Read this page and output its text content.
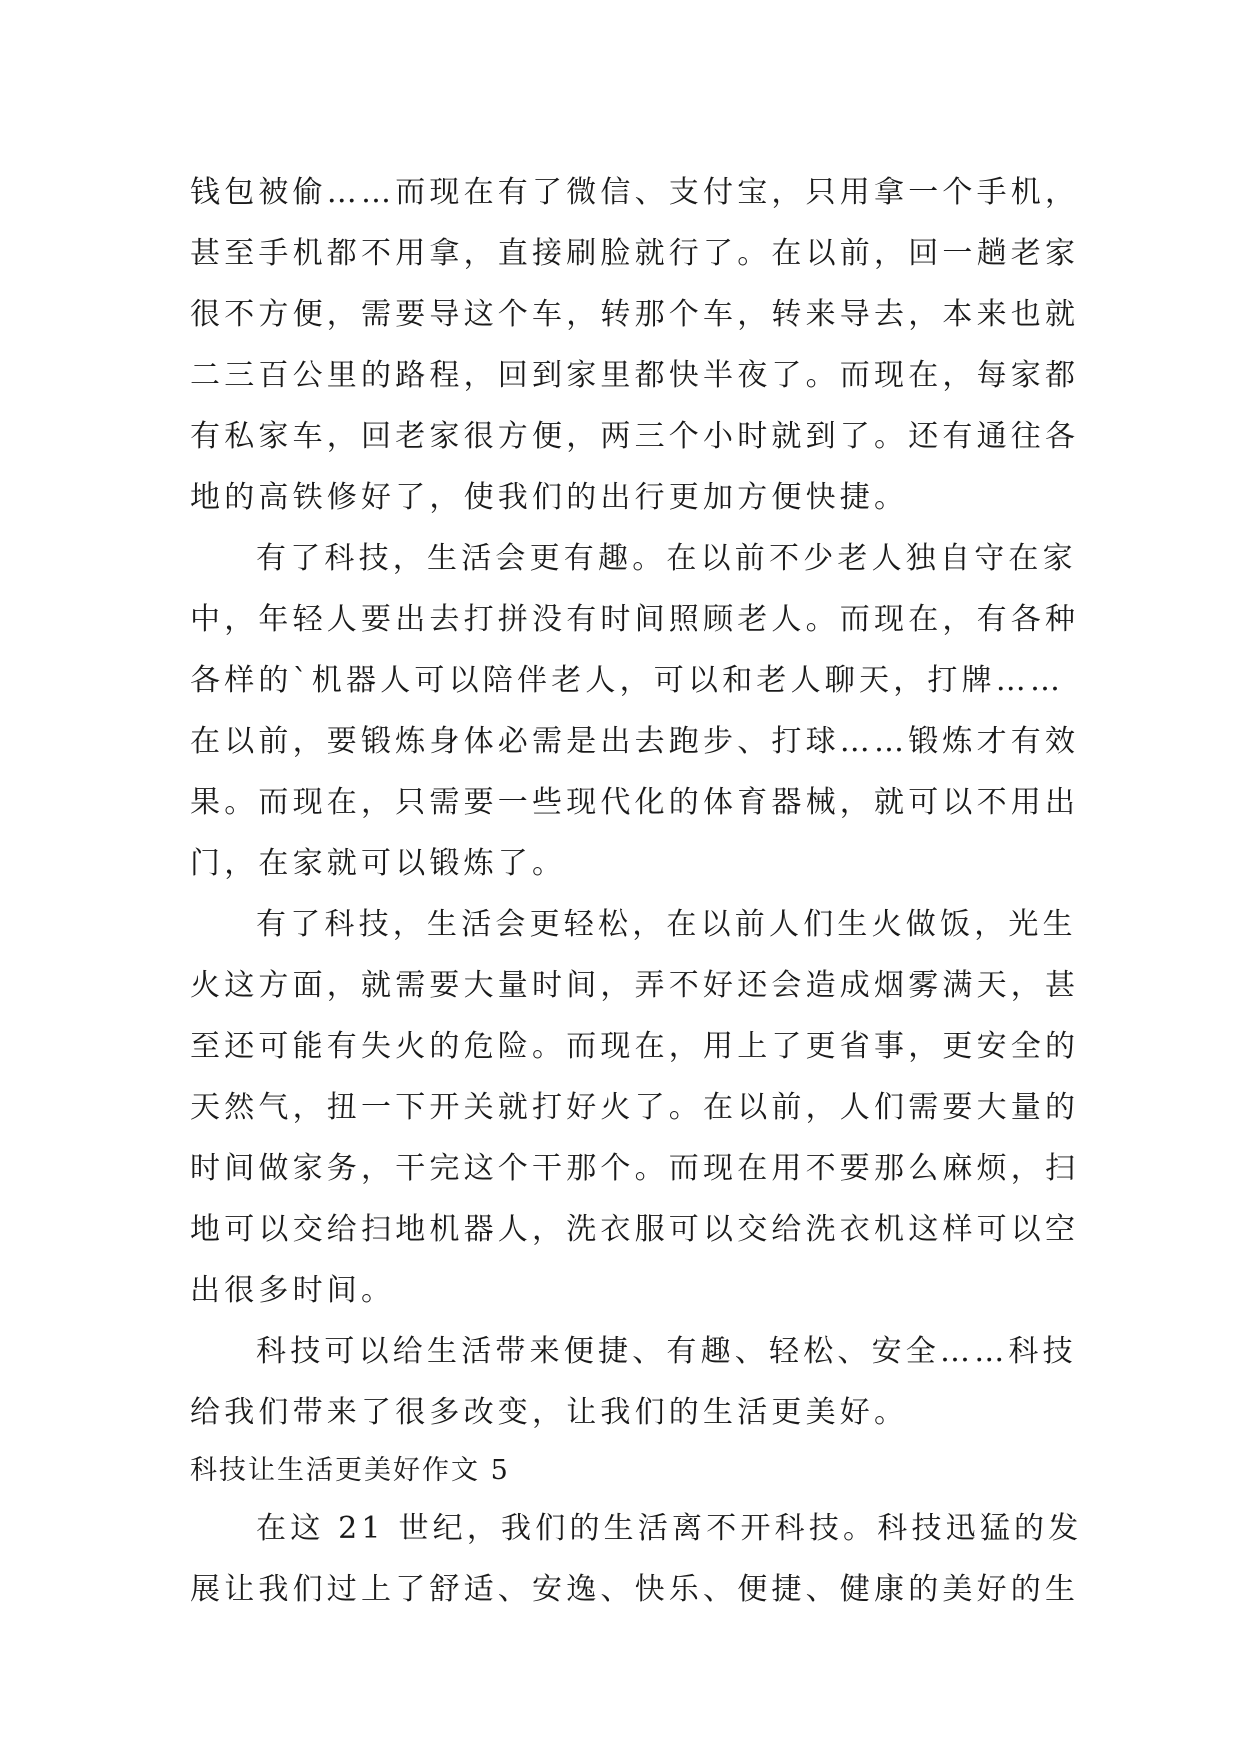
钱包被偷……而现在有了微信、支付宝，只用拿一个手机，
甚至手机都不用拿，直接刷脸就行了。在以前，回一趟老家
很不方便，需要导这个车，转那个车，转来导去，本来也就
二三百公里的路程，回到家里都快半夜了。而现在，每家都
有私家车，回老家很方便，两三个小时就到了。还有通往各
地的高铁修好了，使我们的出行更加方便快捷。
有了科技，生活会更有趣。在以前不少老人独自守在家
中，年轻人要出去打拼没有时间照顾老人。而现在，有各种
各样的`机器人可以陪伴老人，可以和老人聊天，打牌……
在以前，要锻炼身体必需是出去跑步、打球……锻炼才有效
果。而现在，只需要一些现代化的体育器械，就可以不用出
门，在家就可以锻炼了。
有了科技，生活会更轻松，在以前人们生火做饭，光生
火这方面，就需要大量时间，弄不好还会造成烟雾满天，甚
至还可能有失火的危险。而现在，用上了更省事，更安全的
天然气，扭一下开关就打好火了。在以前，人们需要大量的
时间做家务，干完这个干那个。而现在用不要那么麻烦，扫
地可以交给扫地机器人，洗衣服可以交给洗衣机这样可以空
出很多时间。
科技可以给生活带来便捷、有趣、轻松、安全……科技
给我们带来了很多改变，让我们的生活更美好。
科技让生活更美好作文 5
在这 21 世纪，我们的生活离不开科技。科技迅猛的发
展让我们过上了舒适、安逸、快乐、便捷、健康的美好的生
